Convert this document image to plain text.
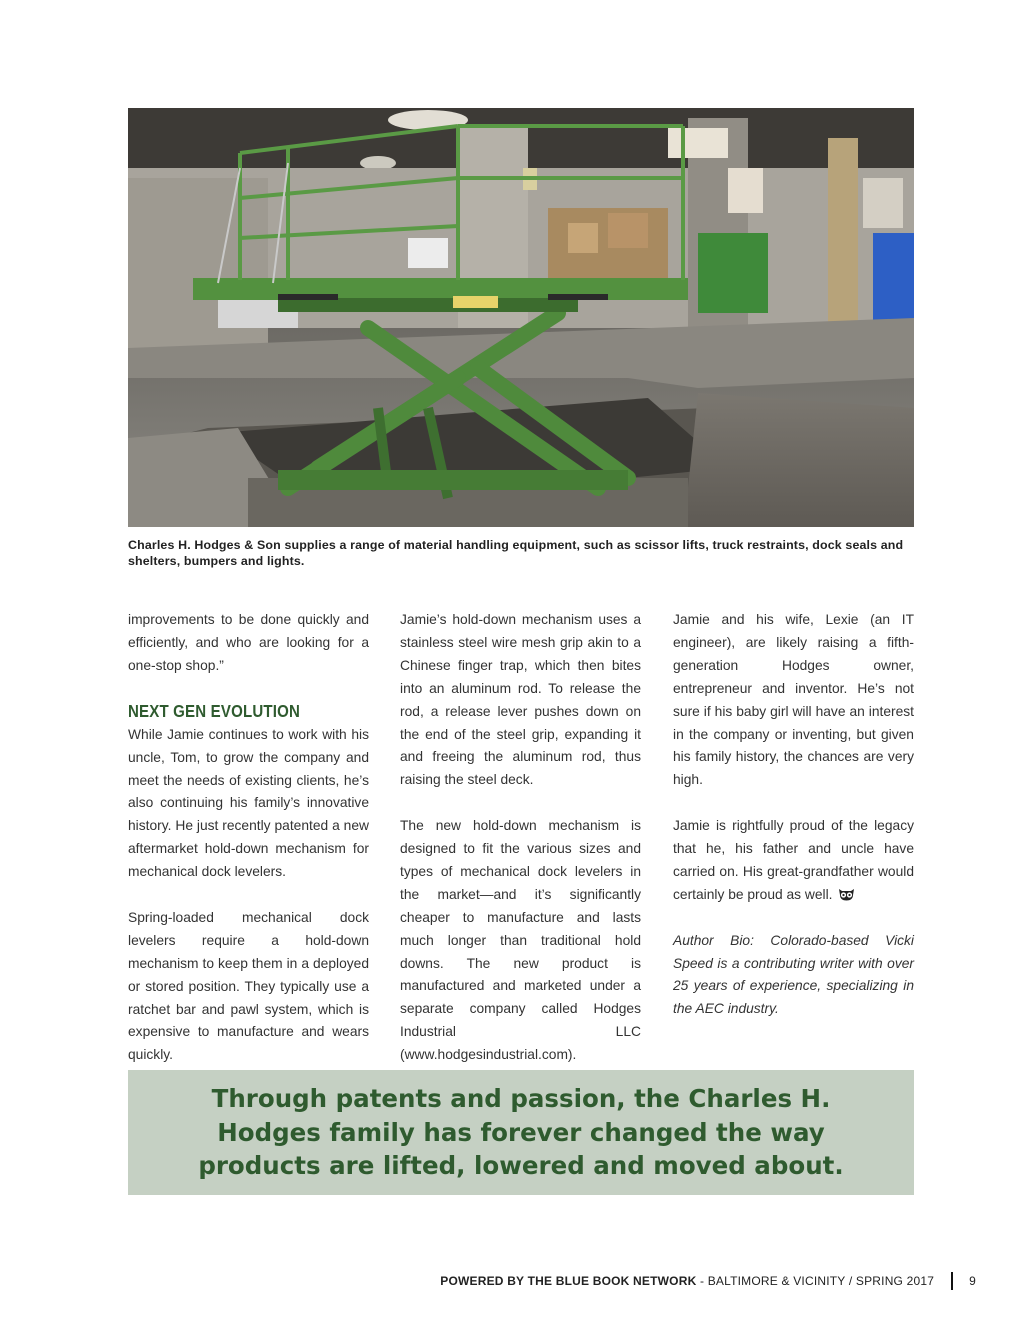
Charles H. Hodges & Son supplies a range of material handling equipment, such as scissor lifts, truck restraints, dock seals and shelters, bumpers and lights.

improvements to be done quickly and efficiently, and who are looking for a one-stop shop.”

NEXT GEN EVOLUTION

While Jamie continues to work with his uncle, Tom, to grow the company and meet the needs of existing clients, he’s also continuing his family’s innovative history. He just recently patented a new aftermarket hold-down mechanism for mechanical dock levelers.

Spring-loaded mechanical dock levelers require a hold-down mechanism to keep them in a deployed or stored position. They typically use a ratchet bar and pawl system, which is expensive to manufacture and wears quickly.

Jamie’s hold-down mechanism uses a stainless steel wire mesh grip akin to a Chinese finger trap, which then bites into an aluminum rod. To release the rod, a release lever pushes down on the end of the steel grip, expanding it and freeing the aluminum rod, thus raising the steel deck.

The new hold-down mechanism is designed to fit the various sizes and types of mechanical dock levelers in the market—and it’s significantly cheaper to manufacture and lasts much longer than traditional hold downs. The new product is manufactured and marketed under a separate company called Hodges Industrial LLC (www.hodgesindustrial.com).

Jamie and his wife, Lexie (an IT engineer), are likely raising a fifth-generation Hodges owner, entrepreneur and inventor. He’s not sure if his baby girl will have an interest in the company or inventing, but given his family history, the chances are very high.

Jamie is rightfully proud of the legacy that he, his father and uncle have carried on. His great-grandfather would certainly be proud as well.

Author Bio: Colorado-based Vicki Speed is a contributing writer with over 25 years of experience, specializing in the AEC industry.

Through patents and passion, the Charles H. Hodges family has forever changed the way products are lifted, lowered and moved about.

POWERED BY THE BLUE BOOK NETWORK - BALTIMORE & VICINITY / SPRING 2017	9
